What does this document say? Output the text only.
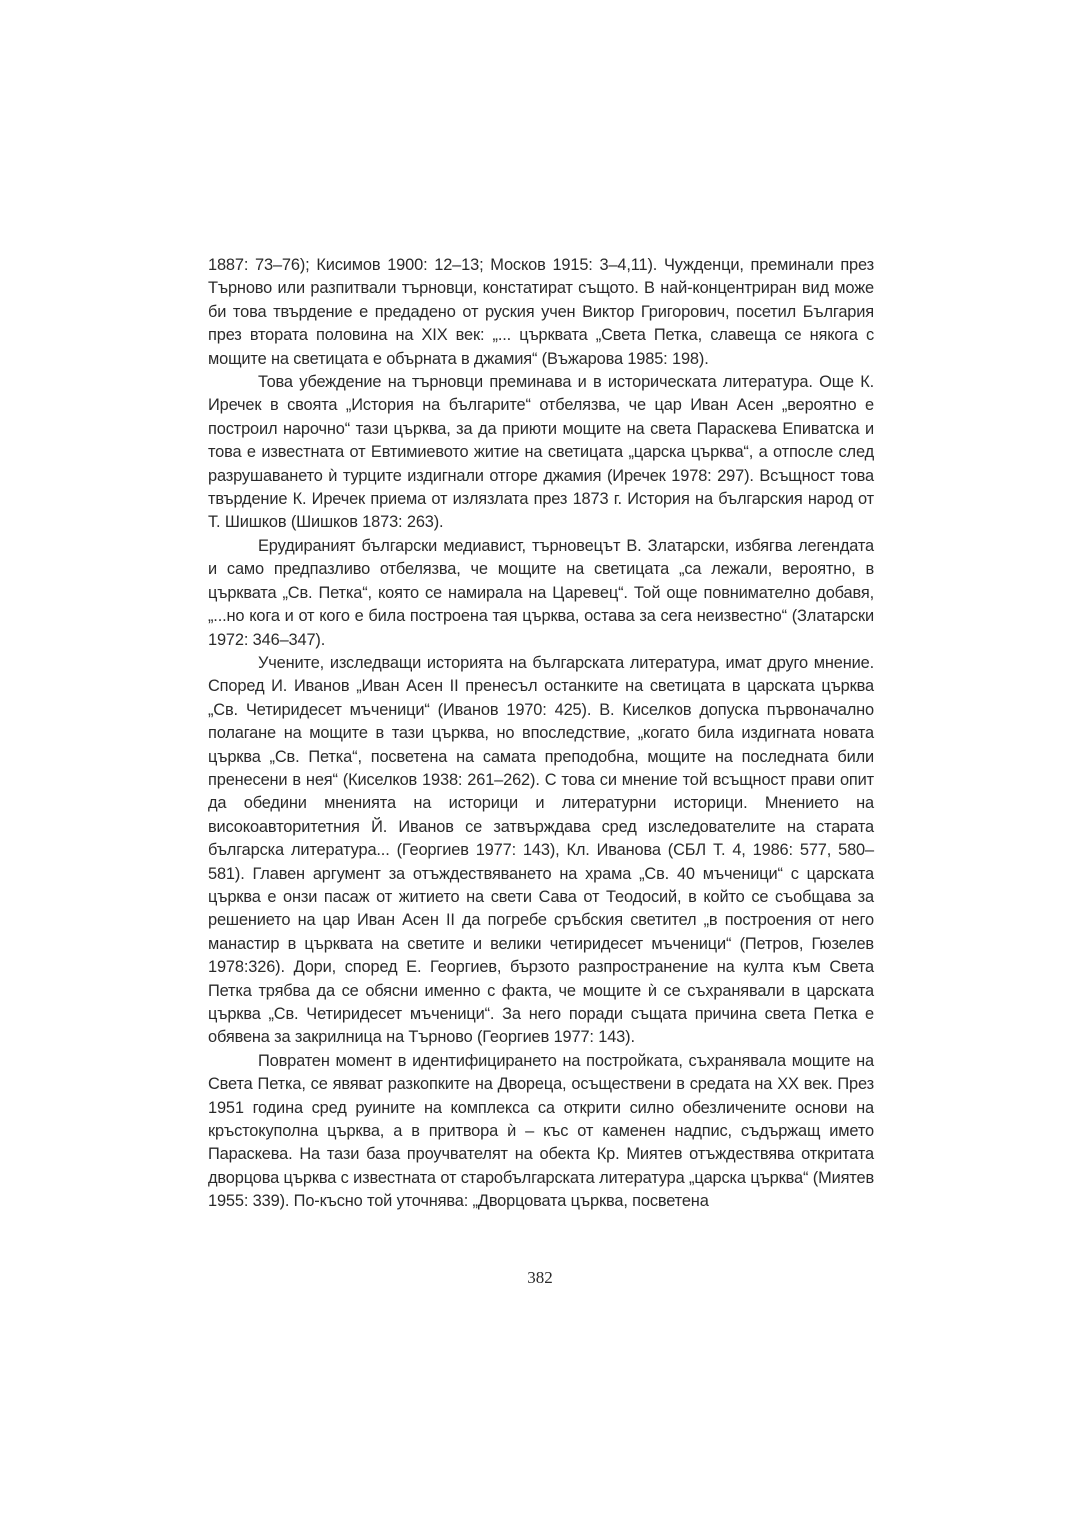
1887: 73–76); Кисимов 1900: 12–13; Москов 1915: 3–4,11). Чужденци, преминали през Търново или разпитвали търновци, констатират същото. В най-концентриран вид може би това твърдение е предадено от руския учен Виктор Григорович, посетил България през втората половина на XIX век: „... църквата „Света Петка, славеща се някога с мощите на светицата е обърната в джамия“ (Въжарова 1985: 198).

Това убеждение на търновци преминава и в историческата литература. Още К. Иречек в своята „История на българите“ отбелязва, че цар Иван Асен „вероятно е построил нарочно“ тази църква, за да приюти мощите на света Параскева Епиватска и това е известната от Евтимиевото житие на светицата „царска църква“, а отпосле след разрушаването ѝ турците издигнали отгоре джамия (Иречек 1978: 297). Всъщност това твърдение К. Иречек приема от излязлата през 1873 г. История на българския народ от Т. Шишков (Шишков 1873: 263).

Ерудираният български медиавист, търновецът В. Златарски, избягва легендата и само предпазливо отбелязва, че мощите на светицата „са лежали, вероятно, в църквата „Св. Петка“, която се намирала на Царевец“. Той още повнимателно добавя, „...но кога и от кого е била построена тая църква, остава за сега неизвестно“ (Златарски 1972: 346–347).

Учените, изследващи историята на българската литература, имат друго мнение. Според И. Иванов „Иван Асен II пренесъл останките на светицата в царската църква „Св. Четиридесет мъченици“ (Иванов 1970: 425). В. Киселков допуска първоначално полагане на мощите в тази църква, но впоследствие, „когато била издигната новата църква „Св. Петка“, посветена на самата преподобна, мощите на последната били пренесени в нея“ (Киселков 1938: 261–262). С това си мнение той всъщност прави опит да обедини мненията на историци и литературни историци. Мнението на високоавторитетния Й. Иванов се затвърждава сред изследователите на старата българска литература... (Георгиев 1977: 143), Кл. Иванова (СБЛ Т. 4, 1986: 577, 580–581). Главен аргумент за отъждествяването на храма „Св. 40 мъченици“ с царската църква е онзи пасаж от житието на свети Сава от Теодосий, в който се съобщава за решението на цар Иван Асен II да погребе сръбския светител „в построения от него манастир в църквата на светите и велики четиридесет мъченици“ (Петров, Гюзелев 1978:326). Дори, според Е. Георгиев, бързото разпространение на култа към Света Петка трябва да се обясни именно с факта, че мощите ѝ се съхранявали в царската църква „Св. Четиридесет мъченици“. За него поради същата причина света Петка е обявена за закрилница на Търново (Георгиев 1977: 143).

Повратен момент в идентифицирането на постройката, съхранявала мощите на Света Петка, се явяват разкопките на Двореца, осъществени в средата на XX век. През 1951 година сред руините на комплекса са открити силно обезличените основи на кръстокуполна църква, а в притвора ѝ – къс от каменен надпис, съдържащ името Параскева. На тази база проучвателят на обекта Кр. Миятев отъждествява откритата дворцова църква с известната от старобългарската литература „царска църква“ (Миятев 1955: 339). По-късно той уточнява: „Дворцовата църква, посветена

382
